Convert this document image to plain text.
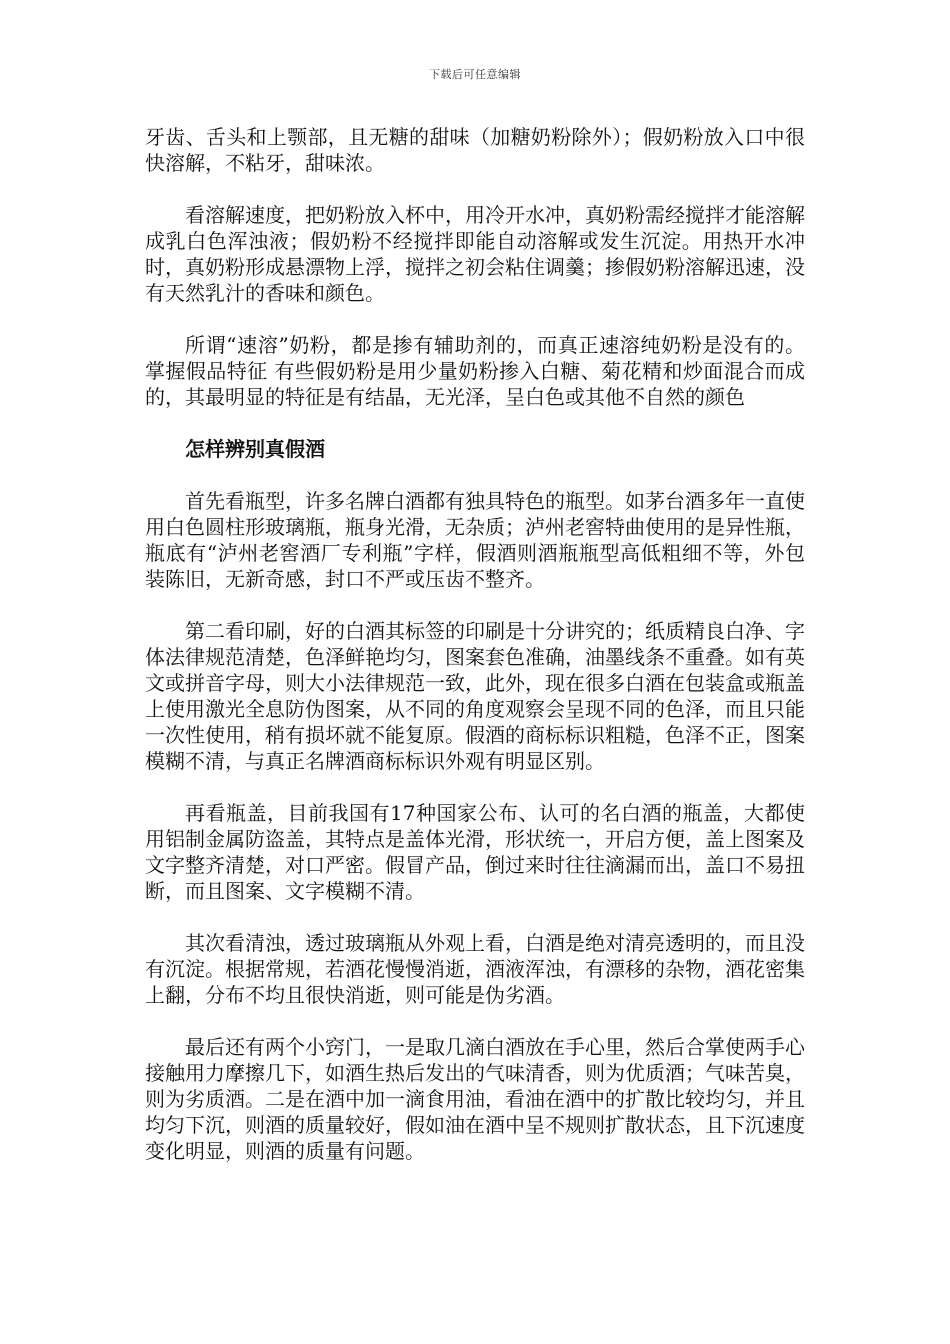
下载后可任意编辑

牙齿、舌头和上颚部，且无糖的甜味（加糖奶粉除外）；假奶粉放入口中很快溶解，不粘牙，甜味浓。

看溶解速度，把奶粉放入杯中，用冷开水冲，真奶粉需经搅拌才能溶解成乳白色浑浊液；假奶粉不经搅拌即能自动溶解或发生沉淀。用热开水冲时，真奶粉形成悬漂物上浮，搅拌之初会粘住调羹；掺假奶粉溶解迅速，没有天然乳汁的香味和颜色。

所谓“速溶”奶粉，都是掺有辅助剂的，而真正速溶纯奶粉是没有的。掌握假品特征 有些假奶粉是用少量奶粉掺入白糖、菊花精和炒面混合而成的，其最明显的特征是有结晶，无光泽，呈白色或其他不自然的颜色

怎样辨别真假酒

首先看瓶型，许多名牌白酒都有独具特色的瓶型。如茅台酒多年一直使用白色圆柱形玻璃瓶，瓶身光滑，无杂质；泸州老窖特曲使用的是异性瓶，瓶底有“泸州老窖酒厂专利瓶”字样，假酒则酒瓶瓶型高低粗细不等，外包装陈旧，无新奇感，封口不严或压齿不整齐。

第二看印刷，好的白酒其标签的印刷是十分讲究的；纸质精良白净、字体法律规范清楚，色泽鲜艳均匀，图案套色准确，油墨线条不重叠。如有英文或拼音字母，则大小法律规范一致，此外，现在很多白酒在包装盒或瓶盖上使用激光全息防伪图案，从不同的角度观察会呈现不同的色泽，而且只能一次性使用，稍有损坏就不能复原。假酒的商标标识粗糙，色泽不正，图案模糊不清，与真正名牌酒商标标识外观有明显区别。

再看瓶盖，目前我国有17种国家公布、认可的名白酒的瓶盖，大都使用铝制金属防盗盖，其特点是盖体光滑，形状统一，开启方便，盖上图案及文字整齐清楚，对口严密。假冒产品，倒过来时往往滴漏而出，盖口不易扭断，而且图案、文字模糊不清。

其次看清浊，透过玻璃瓶从外观上看，白酒是绝对清亮透明的，而且没有沉淀。根据常规，若酒花慢慢消逝，酒液浑浊，有漂移的杂物，酒花密集上翻，分布不均且很快消逝，则可能是伪劣酒。

最后还有两个小窍门，一是取几滴白酒放在手心里，然后合掌使两手心接触用力摩擦几下，如酒生热后发出的气味清香，则为优质酒；气味苦臭，则为劣质酒。二是在酒中加一滴食用油，看油在酒中的扩散比较均匀，并且均匀下沉，则酒的质量较好，假如油在酒中呈不规则扩散状态，且下沉速度变化明显，则酒的质量有问题。
